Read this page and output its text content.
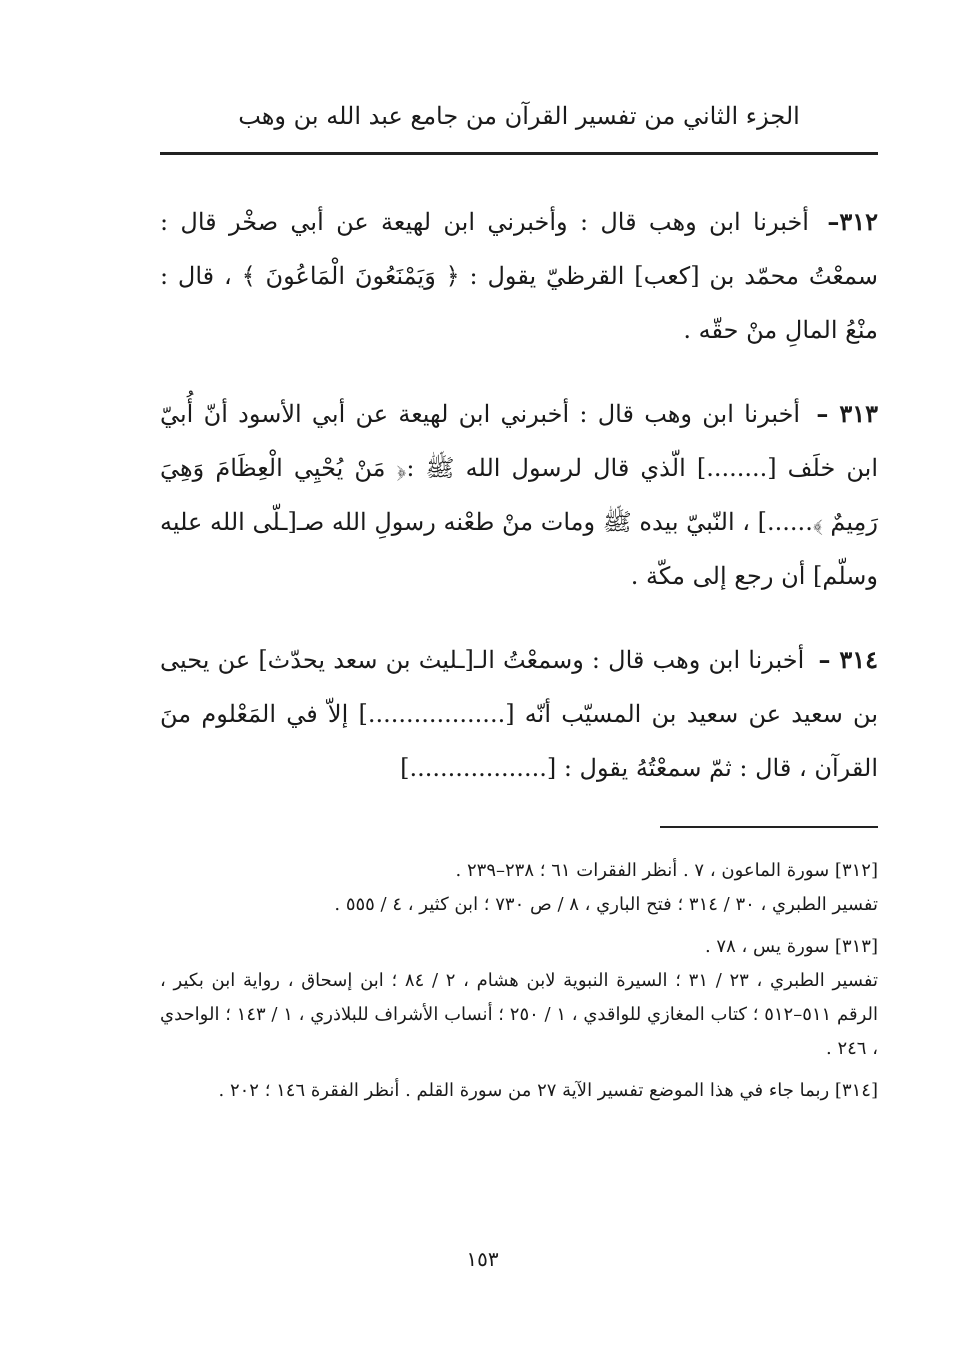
الجزء الثاني من تفسير القرآن من جامع عبد الله بن وهب

٣١٢– أخبرنا ابن وهب قال : وأخبرني ابن لهيعة عن أبي صخْر قال : سمعْتُ محمّد بن [كعب] القرظيّ يقول : ﴿ وَيَمْنَعُونَ الْمَاعُونَ ﴾ ، قال : منْعُ المالِ منْ حقّه .

٣١٣ – أخبرنا ابن وهب قال : أخبرني ابن لهيعة عن أبي الأسود أنّ أُبيّ ابن خلَف [........] الّذي قال لرسول الله ﷺ :﴿ مَنْ يُحْيِي الْعِظَامَ وَهِيَ رَمِيمٌ ﴾......] ، النّبيّ بيده ﷺ ومات منْ طعْنه رسولِ الله صـ[ـلّى الله عليه وسلّم] أن رجع إلى مكّة .

٣١٤ – أخبرنا ابن وهب قال : وسمعْتُ الـ[ـليث بن سعد يحدّث] عن يحيى بن سعيد عن سعيد بن المسيّب أنّه [..................] إلاّ في المَعْلوم منَ القرآن ، قال : ثمّ سمعْتُهُ يقول : [..................]

[٣١٢] سورة الماعون ، ٧ . أنظر الفقرات ٦١ ؛ ٢٣٨–٢٣٩ .
تفسير الطبري ، ٣٠ / ٣١٤ ؛ فتح الباري ، ٨ / ص ٧٣٠ ؛ ابن كثير ، ٤ / ٥٥٥ .
[٣١٣] سورة يس ، ٧٨ .
تفسير الطبري ، ٢٣ / ٣١ ؛ السيرة النبوية لابن هشام ، ٢ / ٨٤ ؛ ابن إسحاق ، رواية ابن بكير ، الرقم ٥١١–٥١٢ ؛ كتاب المغازي للواقدي ، ١ / ٢٥٠ ؛ أنساب الأشراف للبلاذري ، ١ / ١٤٣ ؛ الواحدي ، ٢٤٦ .
[٣١٤] ربما جاء في هذا الموضع تفسير الآية ٢٧ من سورة القلم . أنظر الفقرة ١٤٦ ؛ ٢٠٢ .
١٥٣
